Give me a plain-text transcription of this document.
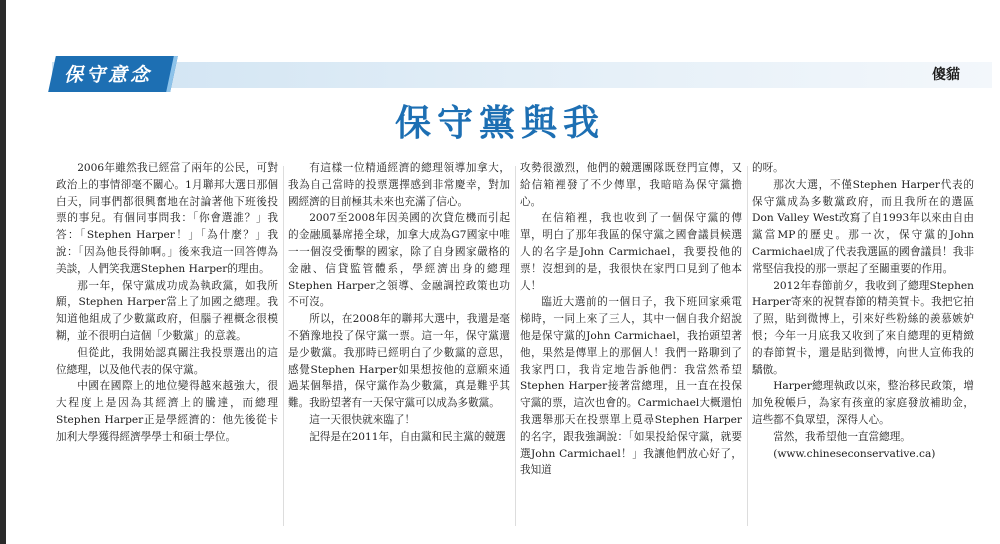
保守意念	傻貓
保守黨與我

2006年雖然我已經當了兩年的公民，可對政治上的事情卻毫不關心。1月聯邦大選日那個白天，同事們都很興奮地在討論著他下班後投票的事兒。有個同事問我：「你會選誰？」我答：「Stephen Harper！」「為什麼？」我說：「因為他長得帥啊。」後來我這一回答傳為美談，人們笑我選Stephen Harper的理由。

那一年，保守黨成功成為執政黨，如我所願，Stephen Harper當上了加國之總理。我知道他組成了少數黨政府，但腦子裡概念很模糊，並不很明白這個「少數黨」的意義。

但從此，我開始認真關注我投票選出的這位總理，以及他代表的保守黨。

中國在國際上的地位變得越來越強大，很大程度上是因為其經濟上的騰達，而總理Stephen Harper正是學經濟的：他先後從卡加利大學獲得經濟學學士和碩士學位。

有這樣一位精通經濟的總理領導加拿大，我為自己當時的投票選擇感到非常慶幸，對加國經濟的目前極其未來也充滿了信心。

2007至2008年因美國的次貸危機而引起的金融風暴席捲全球，加拿大成為G7國家中唯一一個沒受衝擊的國家，除了自身國家嚴格的金融、信貸監管體系，學經濟出身的總理Stephen Harper之領導、金融調控政策也功不可沒。

所以，在2008年的聯邦大選中，我還是毫不猶豫地投了保守黨一票。這一年，保守黨還是少數黨。我那時已經明白了少數黨的意思，感覺Stephen Harper如果想按他的意願來通過某個舉措，保守黨作為少數黨，真是難乎其難。我盼望著有一天保守黨可以成為多數黨。

這一天很快就來臨了！

記得是在2011年，自由黨和民主黨的競選

攻勢很激烈，他們的競選團隊既登門宣傳，又給信箱裡發了不少傳單，我暗暗為保守黨擔心。

在信箱裡，我也收到了一個保守黨的傳單，明白了那年我區的保守黨之國會議員候選人的名字是John Carmichael，我要投他的票！沒想到的是，我很快在家門口見到了他本人！

臨近大選前的一個日子，我下班回家乘電梯時，一同上來了三人，其中一個自我介紹說他是保守黨的John Carmichael，我抬頭望著他，果然是傳單上的那個人！我們一路聊到了我家門口，我肯定地告訴他們：我當然希望Stephen Harper接著當總理，且一直在投保守黨的票，這次也會的。Carmichael大概還怕我選舉那天在投票單上覓尋Stephen Harper的名字，跟我強調說：「如果投給保守黨，就要選John Carmichael！」我讓他們放心好了，我知道

的呀。

那次大選，不僅Stephen Harper代表的保守黨成為多數黨政府，而且我所在的選區Don Valley West改寫了自1993年以來由自由黨當MP的歷史。那一次，保守黨的John Carmichael成了代表我選區的國會議員！我非常堅信我投的那一票起了至關重要的作用。

2012年春節前夕，我收到了總理Stephen Harper寄來的祝賀春節的精美賀卡。我把它拍了照，貼到微博上，引來好些粉絲的羨慕嫉妒恨；今年一月底我又收到了來自總理的更精緻的春節賀卡，還是貼到微博，向世人宣佈我的驕傲。

Harper總理執政以來，整治移民政策，增加免稅帳戶，為家有孩童的家庭發放補助金，這些都不負眾望，深得人心。

當然，我希望他一直當總理。

(www.chineseconservative.ca)
